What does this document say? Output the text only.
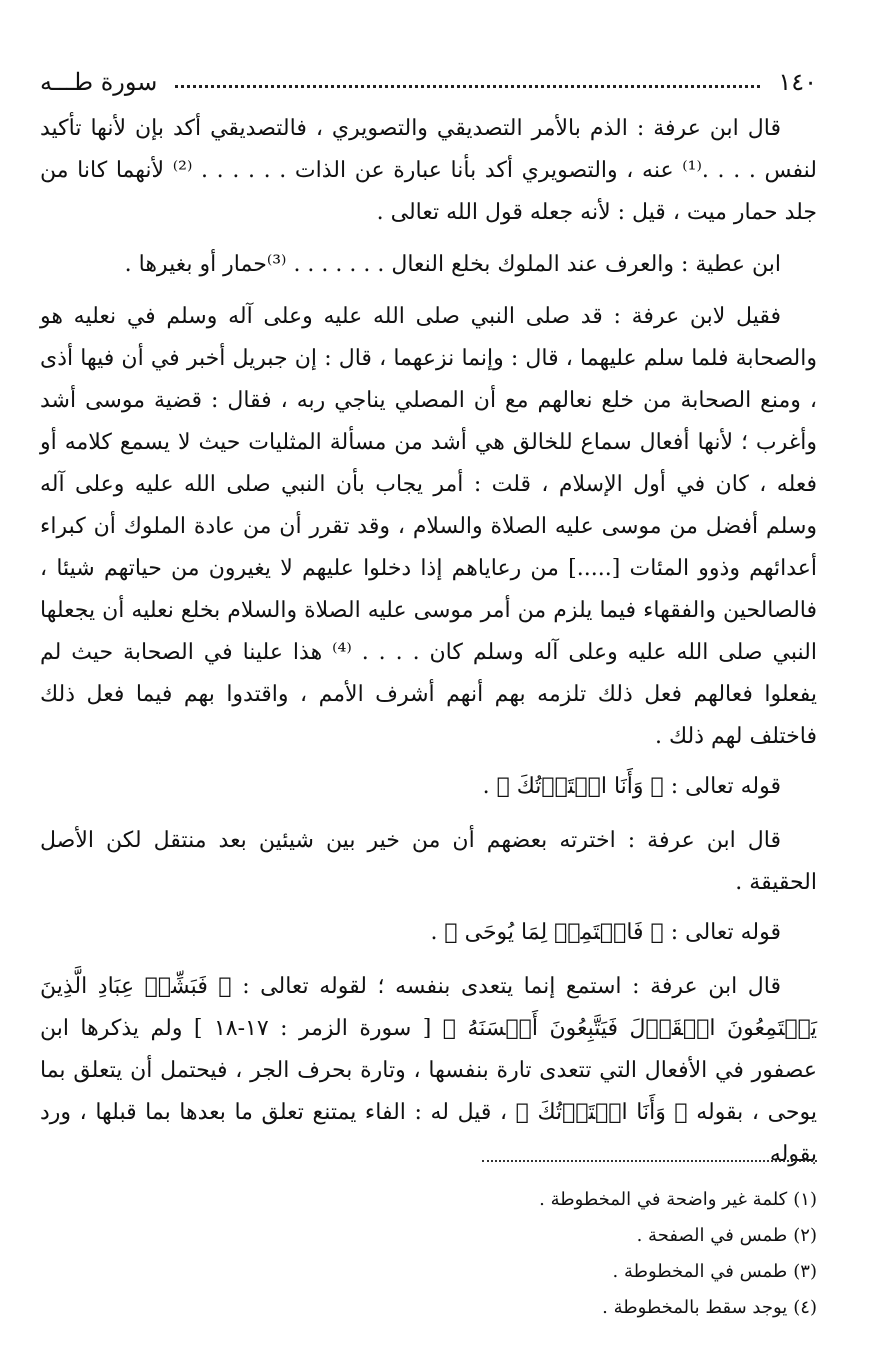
١٤٠
سورة طـــه

قال ابن عرفة : الذم بالأمر التصديقي والتصويري ، فالتصديقي أكد بإن لأنها تأكيد لنفس . . . .⁽¹⁾ عنه ، والتصويري أكد بأنا عبارة عن الذات . . . . . . ⁽²⁾ لأنهما كانا من جلد حمار ميت ، قيل : لأنه جعله قول الله تعالى .

ابن عطية : والعرف عند الملوك بخلع النعال . . . . . . . ⁽³⁾حمار أو بغيرها .

فقيل لابن عرفة : قد صلى النبي صلى الله عليه وعلى آله وسلم في نعليه هو والصحابة فلما سلم عليهما ، قال : وإنما نزعهما ، قال : إن جبريل أخبر في أن فيها أذى ، ومنع الصحابة من خلع نعالهم مع أن المصلي يناجي ربه ، فقال : قضية موسى أشد وأغرب ؛ لأنها أفعال سماع للخالق هي أشد من مسألة المثليات حيث لا يسمع كلامه أو فعله ، كان في أول الإسلام ، قلت : أمر يجاب بأن النبي صلى الله عليه وعلى آله وسلم أفضل من موسى عليه الصلاة والسلام ، وقد تقرر أن من عادة الملوك أن كبراء أعدائهم وذوو المئات [.....] من رعاياهم إذا دخلوا عليهم لا يغيرون من حياتهم شيئا ، فالصالحين والفقهاء فيما يلزم من أمر موسى عليه الصلاة والسلام بخلع نعليه أن يجعلها النبي صلى الله عليه وعلى آله وسلم كان . . . . ⁽⁴⁾ هذا علينا في الصحابة حيث لم يفعلوا فعالهم فعل ذلك تلزمه بهم أنهم أشرف الأمم ، واقتدوا بهم فيما فعل ذلك فاختلف لهم ذلك .

قوله تعالى : ﴿ وَأَنَا اخۡتَرۡتُكَ ﴾ .

قال ابن عرفة : اخترته بعضهم أن من خير بين شيئين بعد منتقل لكن الأصل الحقيقة .

قوله تعالى : ﴿ فَاسۡتَمِعۡ لِمَا يُوحَى ﴾ .

قال ابن عرفة : استمع إنما يتعدى بنفسه ؛ لقوله تعالى : ﴿ فَبَشِّرۡ عِبَادِ الَّذِينَ يَسۡتَمِعُونَ الۡقَوۡلَ فَيَتَّبِعُونَ أَحۡسَنَهُ ﴾ [ سورة الزمر : ١٧-١٨ ] ولم يذكرها ابن عصفور في الأفعال التي تتعدى تارة بنفسها ، وتارة بحرف الجر ، فيحتمل أن يتعلق بما يوحى ، بقوله ﴿ وَأَنَا اخۡتَرۡتُكَ ﴾ ، قيل له : الفاء يمتنع تعلق ما بعدها بما قبلها ، ورد بقوله

(١)كلمة غير واضحة في المخطوطة .
(٢)طمس في الصفحة .
(٣)طمس في المخطوطة .
(٤)يوجد سقط بالمخطوطة .
